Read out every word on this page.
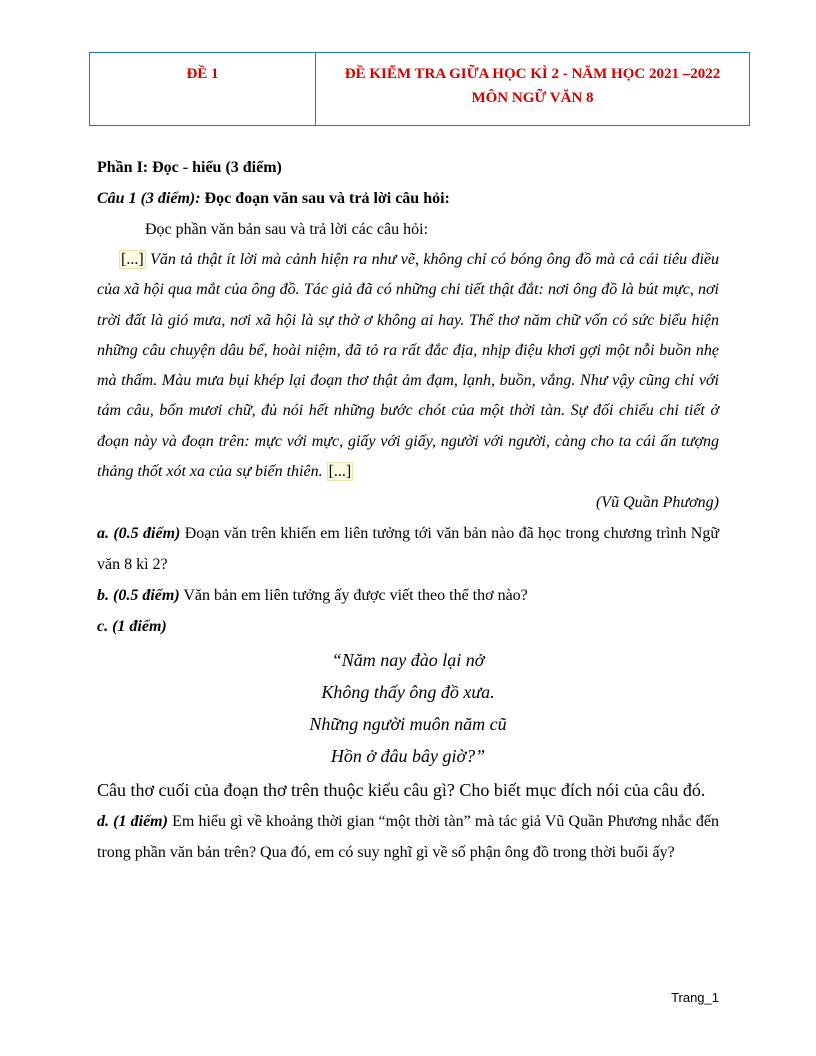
ĐỀ 1	ĐỀ KIỂM TRA GIỮA HỌC KÌ 2 - NĂM HỌC 2021 –2022
MÔN NGỮ VĂN 8

Phần I: Đọc - hiểu (3 điểm)

Câu 1 (3 điểm): Đọc đoạn văn sau và trả lời câu hỏi:

Đọc phần văn bản sau và trả lời các câu hỏi:

[...] Văn tả thật ít lời mà cảnh hiện ra như vẽ, không chỉ có bóng ông đồ mà cả cái tiêu điều của xã hội qua mắt của ông đồ. Tác giả đã có những chi tiết thật đắt: nơi ông đồ là bút mực, nơi trời đất là gió mưa, nơi xã hội là sự thờ ơ không ai hay. Thể thơ năm chữ vốn có sức biểu hiện những câu chuyện dâu bể, hoài niệm, đã tỏ ra rất đắc địa, nhịp điệu khơi gợi một nỗi buồn nhẹ mà thấm. Màu mưa bụi khép lại đoạn thơ thật ảm đạm, lạnh, buồn, vắng. Như vậy cũng chỉ với tám câu, bốn mươi chữ, đủ nói hết những bước chót của một thời tàn. Sự đối chiếu chi tiết ở đoạn này và đoạn trên: mực với mực, giấy với giấy, người với người, càng cho ta cái ấn tượng thảng thốt xót xa của sự biến thiên. [...]

(Vũ Quần Phương)

a. (0.5 điểm) Đoạn văn trên khiến em liên tưởng tới văn bản nào đã học trong chương trình Ngữ văn 8 kì 2?

b. (0.5 điểm) Văn bản em liên tưởng ấy được viết theo thể thơ nào?

c. (1 điểm)

“Năm nay đào lại nở

Không thấy ông đồ xưa.

Những người muôn năm cũ

Hồn ở đâu bây giờ?”

Câu thơ cuối của đoạn thơ trên thuộc kiểu câu gì? Cho biết mục đích nói của câu đó.

d. (1 điểm) Em hiểu gì về khoảng thời gian “một thời tàn” mà tác giả Vũ Quần Phương nhắc đến trong phần văn bản trên? Qua đó, em có suy nghĩ gì về số phận ông đồ trong thời buổi ấy?

Trang_1
